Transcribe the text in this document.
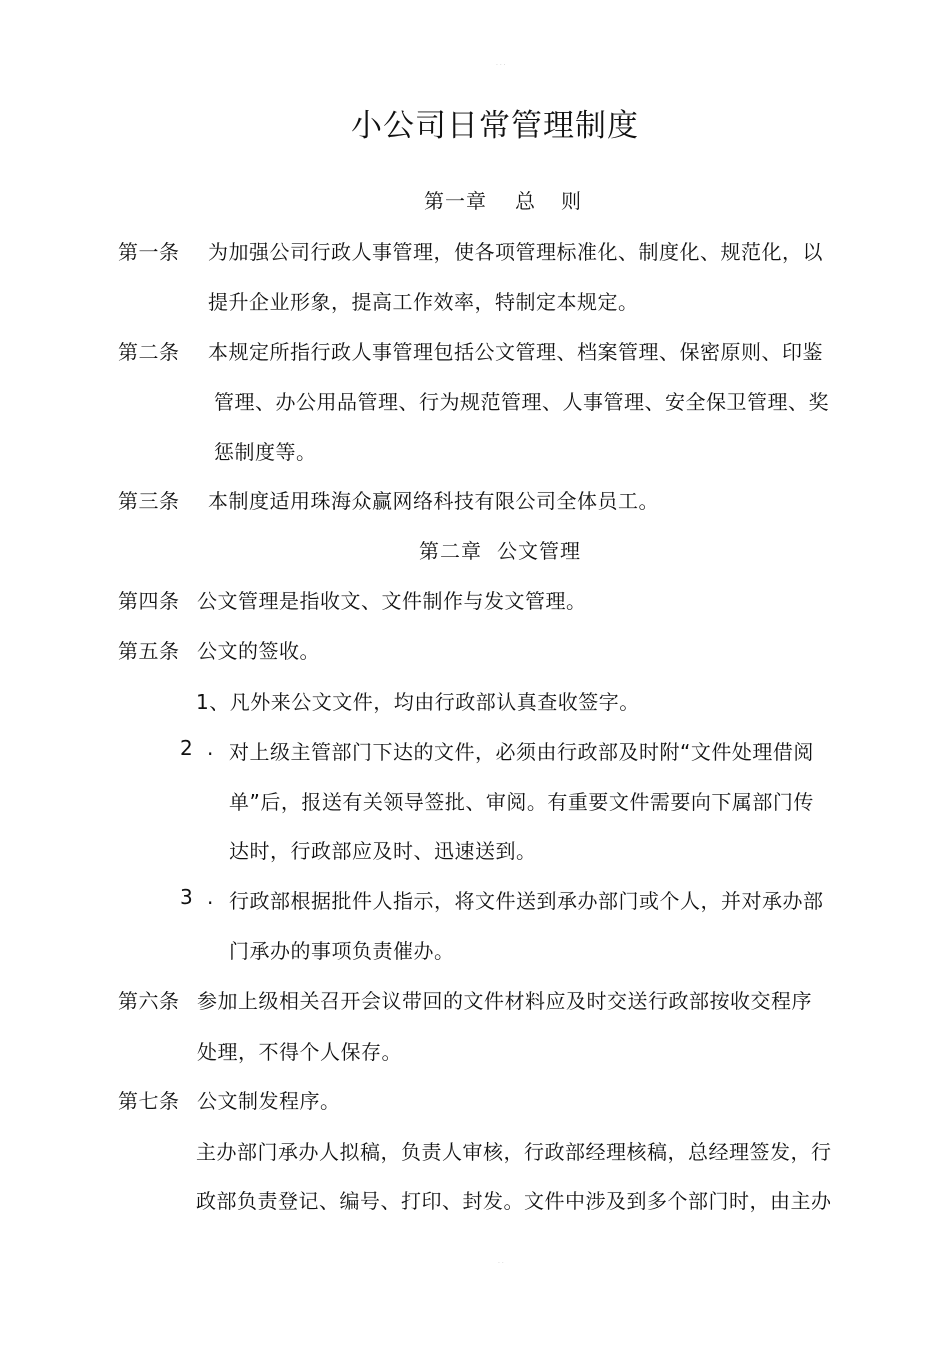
· · ·
小公司日常管理制度
第一章 总 则
第一条 为加强公司行政人事管理，使各项管理标准化、制度化、规范化，以
提升企业形象，提高工作效率，特制定本规定。
第二条 本规定所指行政人事管理包括公文管理、档案管理、保密原则、印鉴
管理、办公用品管理、行为规范管理、人事管理、安全保卫管理、奖
惩制度等。
第三条 本制度适用珠海众赢网络科技有限公司全体员工。
第二章 公文管理
第四条 公文管理是指收文、文件制作与发文管理。
第五条 公文的签收。
1、凡外来公文文件，均由行政部认真查收签字。
2 . 对上级主管部门下达的文件，必须由行政部及时附“文件处理借阅
单”后，报送有关领导签批、审阅。有重要文件需要向下属部门传
达时，行政部应及时、迅速送到。
3 . 行政部根据批件人指示，将文件送到承办部门或个人，并对承办部
门承办的事项负责催办。
第六条 参加上级相关召开会议带回的文件材料应及时交送行政部按收交程序
处理，不得个人保存。
第七条 公文制发程序。
主办部门承办人拟稿，负责人审核，行政部经理核稿，总经理签发，行
政部负责登记、编号、打印、封发。文件中涉及到多个部门时，由主办
· ·
